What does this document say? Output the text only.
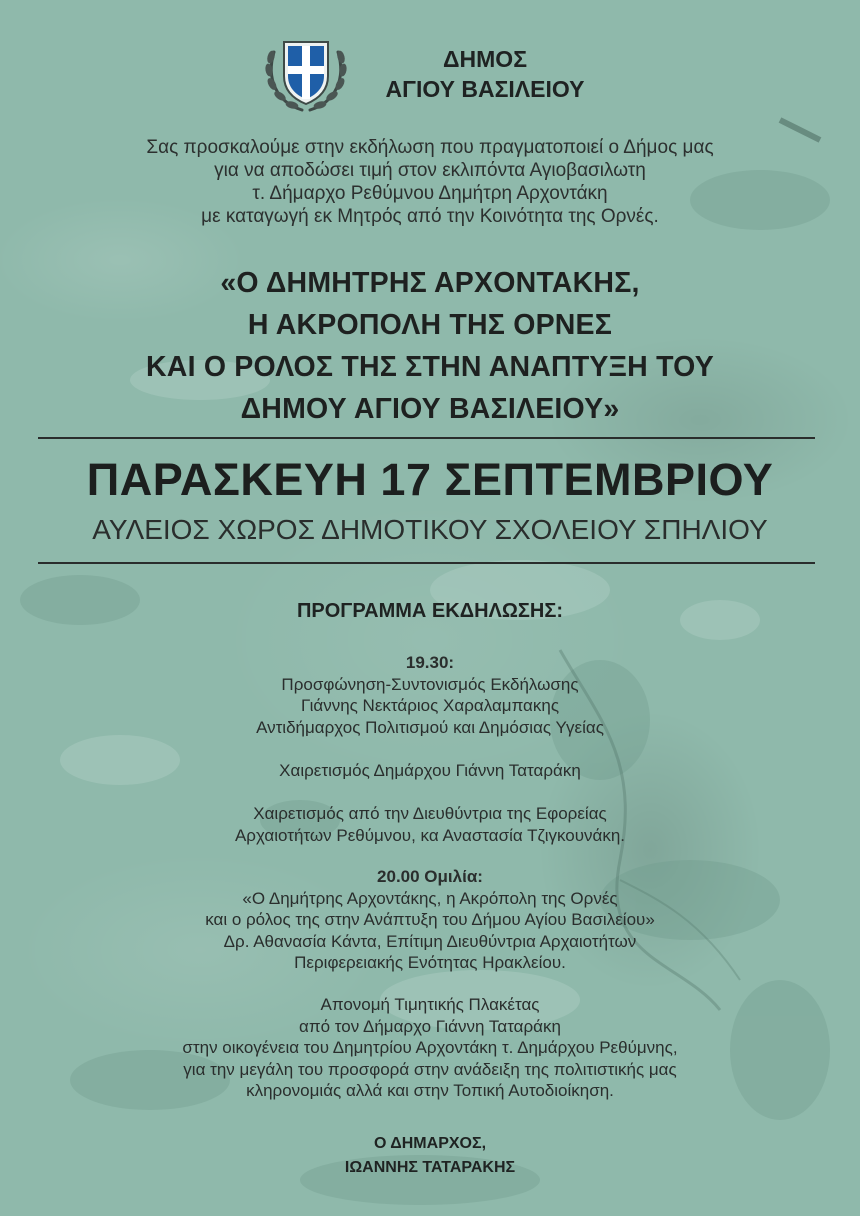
ΔΗΜΟΣ
ΑΓΙΟΥ ΒΑΣΙΛΕΙΟΥ
Σας προσκαλούμε στην εκδήλωση που πραγματοποιεί ο Δήμος μας
για να αποδώσει τιμή στον εκλιπόντα Αγιοβασιλωτη
τ. Δήμαρχο Ρεθύμνου Δημήτρη Αρχοντάκη
με καταγωγή εκ Μητρός από την Κοινότητα της Ορνές.
«Ο ΔΗΜΗΤΡΗΣ ΑΡΧΟΝΤΑΚΗΣ,
Η ΑΚΡΟΠΟΛΗ ΤΗΣ ΟΡΝΕΣ
ΚΑΙ Ο ΡΟΛΟΣ ΤΗΣ ΣΤΗΝ ΑΝΑΠΤΥΞΗ ΤΟΥ
ΔΗΜΟΥ ΑΓΙΟΥ ΒΑΣΙΛΕΙΟΥ»
ΠΑΡΑΣΚΕΥΗ 17 ΣΕΠΤΕΜΒΡΙΟΥ
ΑΥΛΕΙΟΣ ΧΩΡΟΣ ΔΗΜΟΤΙΚΟΥ ΣΧΟΛΕΙΟΥ ΣΠΗΛΙΟΥ
ΠΡΟΓΡΑΜΜΑ ΕΚΔΗΛΩΣΗΣ:
19.30:
Προσφώνηση-Συντονισμός Εκδήλωσης
Γιάννης Νεκτάριος Χαραλαμπακης
Αντιδήμαρχος Πολιτισμού και Δημόσιας Υγείας
Χαιρετισμός Δημάρχου Γιάννη Ταταράκη
Χαιρετισμός από την Διευθύντρια της Εφορείας
Αρχαιοτήτων Ρεθύμνου, κα Αναστασία Τζιγκουνάκη.
20.00 Ομιλία:
«Ο Δημήτρης Αρχοντάκης, η Ακρόπολη της Ορνές
και ο ρόλος της στην Ανάπτυξη του Δήμου Αγίου Βασιλείου»
Δρ. Αθανασία Κάντα, Επίτιμη Διευθύντρια Αρχαιοτήτων
Περιφερειακής Ενότητας Ηρακλείου.
Απονομή Τιμητικής Πλακέτας
από τον Δήμαρχο Γιάννη Ταταράκη
στην οικογένεια του Δημητρίου Αρχοντάκη τ. Δημάρχου Ρεθύμνης,
για την μεγάλη του προσφορά στην ανάδειξη της πολιτιστικής μας
κληρονομιάς αλλά και στην Τοπική Αυτοδιοίκηση.
Ο ΔΗΜΑΡΧΟΣ,
ΙΩΑΝΝΗΣ ΤΑΤΑΡΑΚΗΣ
